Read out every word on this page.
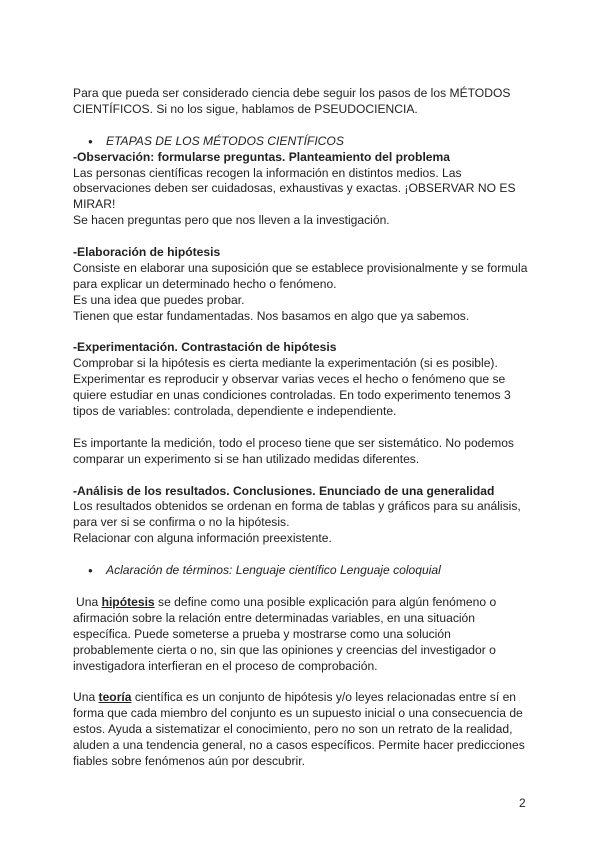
Para que pueda ser considerado ciencia debe seguir los pasos de los MÉTODOS

CIENTÍFICOS. Si no los sigue, hablamos de PSEUDOCIENCIA.

● ETAPAS DE LOS MÉTODOS CIENTÍFICOS

-Observación: formularse preguntas. Planteamiento del problema

Las personas científicas recogen la información en distintos medios. Las

observaciones deben ser cuidadosas, exhaustivas y exactas. ¡OBSERVAR NO ES

MIRAR!

Se hacen preguntas pero que nos lleven a la investigación.

-Elaboración de hipótesis

Consiste en elaborar una suposición que se establece provisionalmente y se formula

para explicar un determinado hecho o fenómeno.

Es una idea que puedes probar.

Tienen que estar fundamentadas. Nos basamos en algo que ya sabemos.

-Experimentación. Contrastación de hipótesis

Comprobar si la hipótesis es cierta mediante la experimentación (si es posible).

Experimentar es reproducir y observar varias veces el hecho o fenómeno que se

quiere estudiar en unas condiciones controladas. En todo experimento tenemos 3

tipos de variables: controlada, dependiente e independiente.

Es importante la medición, todo el proceso tiene que ser sistemático. No podemos

comparar un experimento si se han utilizado medidas diferentes.

-Análisis de los resultados. Conclusiones. Enunciado de una generalidad

Los resultados obtenidos se ordenan en forma de tablas y gráficos para su análisis,

para ver si se confirma o no la hipótesis.

Relacionar con alguna información preexistente.

● Aclaración de términos: Lenguaje científico Lenguaje coloquial

Una hipótesis se define como una posible explicación para algún fenómeno o

afirmación sobre la relación entre determinadas variables, en una situación

específica. Puede someterse a prueba y mostrarse como una solución

probablemente cierta o no, sin que las opiniones y creencias del investigador o

investigadora interfieran en el proceso de comprobación.

Una teoría científica es un conjunto de hipótesis y/o leyes relacionadas entre sí en

forma que cada miembro del conjunto es un supuesto inicial o una consecuencia de

estos. Ayuda a sistematizar el conocimiento, pero no son un retrato de la realidad,

aluden a una tendencia general, no a casos específicos. Permite hacer predicciones

fiables sobre fenómenos aún por descubrir.

2
